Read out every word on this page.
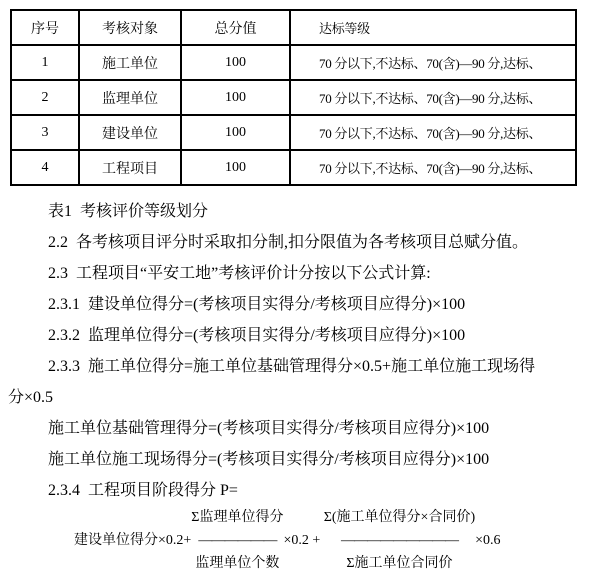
序号	考核对象	总分值	达标等级
1	施工单位	100	70 分以下,不达标、70(含)—90 分,达标、
2	监理单位	100	70 分以下,不达标、70(含)—90 分,达标、
3	建设单位	100	70 分以下,不达标、70(含)—90 分,达标、
4	工程项目	100	70 分以下,不达标、70(含)—90 分,达标、

表1  考核评价等级划分

2.2  各考核项目评分时采取扣分制,扣分限值为各考核项目总赋分值。

2.3  工程项目“平安工地”考核评价计分按以下公式计算:

2.3.1  建设单位得分=(考核项目实得分/考核项目应得分)×100

2.3.2  监理单位得分=(考核项目实得分/考核项目应得分)×100

2.3.3  施工单位得分=施工单位基础管理得分×0.5+施工单位施工现场得

分×0.5

施工单位基础管理得分=(考核项目实得分/考核项目应得分)×100

施工单位施工现场得分=(考核项目实得分/考核项目应得分)×100

2.3.4  工程项目阶段得分 P=

建设单位得分×0.2+
Σ监理单位得分
——————
监理单位个数
×0.2 +
Σ(施工单位得分×合同价)
—————————
Σ施工单位合同价
×0.6
